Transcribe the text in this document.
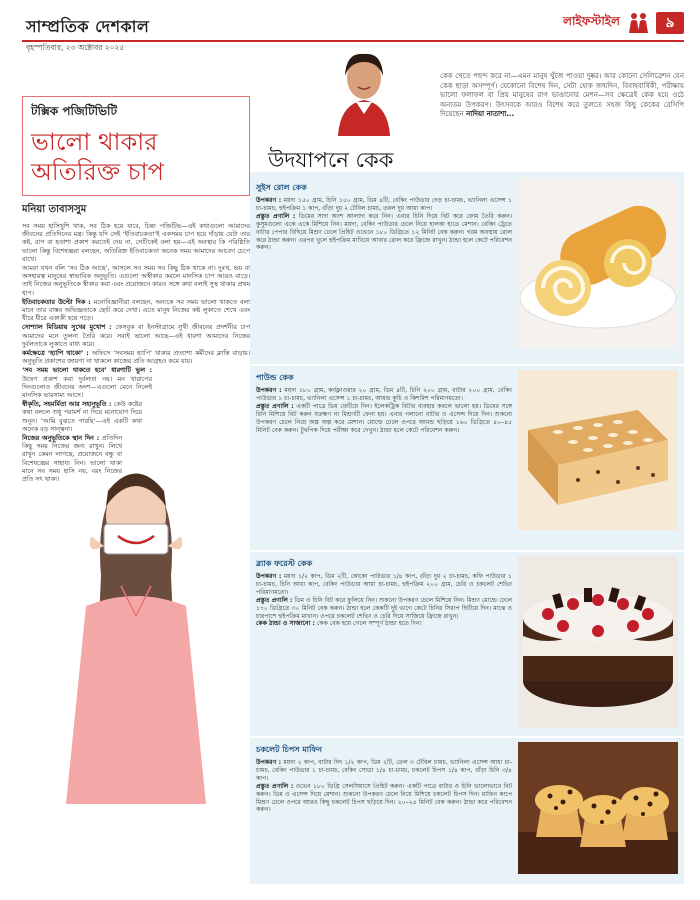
সাম্প্রতিক দেশকাল
বৃহস্পতিবার, ২৩ অক্টোবর ২০২৫
লাইফস্টাইল	৯
টক্সিক পজিটিভিটি
ভালো থাকার অতিরিক্ত চাপ
মনিয়া তাবাসসুম

সব সময় হাসিখুশি থাক, সব ঠিক হয়ে যাবে, চিন্তা পজিটিভ—এই কথাগুলো আমাদের জীবনের প্রতিদিনের মন্ত্র। কিন্তু যদি সেই ‘ইতিবাচকতা’ই একসময় চাপ হয়ে দাঁড়ায় যেটা তার কষ্ট, রাগ বা হতাশা প্রকাশ করতেই দেয় না, সেটিকেই বলা হয়—এই অবস্থার কি পরিষ্ঠিতি ভালো কিন্তু বিশেষজ্ঞরা বলছেন, অতিরিক্ত ইতিবাচকতা অনেক সময় আমাদের আবেগ চেপে রাখে।

আমরা যখন বলি ‘সব ঠিক আছে’, আসলে সব সময় সব কিছু ঠিক থাকে না। দুঃখ, ভয় বা অসহায়ত্ব মানুষের স্বাভাবিক অনুভূতি। এগুলো অস্বীকার করলে মানসিক চাপ আরও বাড়ে। তাই নিজের অনুভূতিকে স্বীকার করা এবং প্রয়োজনে কারও সঙ্গে কথা বলাই সুস্থ থাকার প্রথম ধাপ।

ইতিবাচকতার উল্টো দিক : মনোবিজ্ঞানীরা বলছেন, অন্যকে সব সময় ভালো থাকতে বলা মানে তার বাস্তব অভিজ্ঞতাকে ছোট করে দেখা। এতে মানুষ নিজের কষ্ট লুকাতে শেখে এবং ধীরে ধীরে একাকী হয়ে পড়ে।

সোশ্যাল মিডিয়ায় সুখের মুখোশ : ফেসবুক বা ইনস্টাগ্রামে সুখী জীবনের প্রদর্শনীর চাপ আমাদের মনে তুলনা তৈরি করে। সবাই ভালো আছে—এই ধারণা আমাদের নিজের দুর্বলতাকে লুকাতে বাধ্য করে।

কর্মক্ষেত্রে ‘হ্যাপি থাকো’ : অফিসে ‘সবসময় হ্যাপি’ থাকার প্রত্যাশা কর্মীদের ক্লান্তি বাড়ায়। অনুভূতি প্রকাশের জায়গা না থাকলে কাজের প্রতি আগ্রহও কমে যায়।

‘সব সময় ভালো থাকতে হবে’ ধারণাটি ভুল : উদ্বেগ প্রকাশ করা দুর্বলতা নয়। মন খারাপের দিনগুলোও জীবনের অংশ—এগুলো মেনে নিলেই মানসিক ভারসাম্য আসে।

স্বীকৃতি, সহমর্মিতা আর সহানুভূতি : কেউ কষ্টের কথা বললে শুধু পরামর্শ না দিয়ে মনোযোগ দিয়ে শুনুন। ‘আমি বুঝতে পারছি’—এই একটি কথা অনেক বড় সান্ত্বনা।

নিজের অনুভূতিকে স্থান দিন : প্রতিদিন কিছু সময় নিজের জন্য রাখুন। লিখে রাখুন কেমন লাগছে, প্রয়োজনে বন্ধু বা বিশেষজ্ঞের সাহায্য নিন। ভালো থাকা মানে সব সময় হাসি নয়, বরং নিজের প্রতি সৎ থাকা।

উদযাপনে কেক
কেক খেতে পছন্দ করে না—এমন মানুষ খুঁজে পাওয়া দুষ্কর। আর কোনো সেলিব্রেশন যেন কেক ছাড়া অসম্পূর্ণ। যেকোনো বিশেষ দিন, সেটা হোক জন্মদিন, বিবাহবার্ষিকী, পরীক্ষায় ভালো ফলাফল বা প্রিয় মানুষের রাগ ভাঙানোর মেশন—সব ক্ষেত্রেই কেক হয়ে ওঠে অন্যতম উপকরণ। উৎসবকে আরও বিশেষ করে তুলতে সহজ কিছু কেকের রেসিপি দিয়েছেন নাদিয়া নাতাশা...
সুইস রোল কেক
উপকরণ : ময়দা ১৫০ গ্রাম, চিনি ১৫০ গ্রাম, ডিম ৪টি, বেকিং পাউডার দেড় চা-চামচ, ভ্যানিলা এসেন্স ১ চা-চামচ, হুইপক্রিম ১ কাপ, গুঁড়া দুধ ২ টেবিল চামচ, তরল দুধ আধা কাপ।
প্রস্তুত প্রণালি : ডিমের সাদা অংশ আলাদা করে নিন। এবার চিনি দিয়ে বিট করে ফোম তৈরি করুন। কুসুমগুলো একে একে মিশিয়ে নিন। ময়দা, বেকিং পাউডার চেলে নিয়ে হালকা হাতে মেশান। বেকিং ট্রেতে বাটার পেপার বিছিয়ে মিশ্রণ ঢেলে প্রিহিট ওভেনে ১৮০ ডিগ্রিতে ১২ মিনিট বেক করুন। গরম অবস্থায় রোল করে ঠান্ডা করুন। এরপর খুলে হুইপক্রিম মাখিয়ে আবার রোল করে ফ্রিজে রাখুন। ঠান্ডা হলে কেটে পরিবেশন করুন।
পাউন্ড কেক
উপকরণ : ময়দা ১৮০ গ্রাম, কর্নফ্লাওয়ার ২০ গ্রাম, ডিম ৪টি, চিনি ২০০ গ্রাম, বাটার ২০০ গ্রাম, বেকিং পাউডার ১ চা-চামচ, ভ্যানিলা এসেন্স ১ চা-চামচ, আমন্ড কুচি ও কিশমিশ পরিমাণমতো।
প্রস্তুত প্রণালি : একটি পাত্রে ডিম ফেটিয়ে নিন। ইলেকট্রিক বিটার ব্যবহার করলে ভালো হয়। ডিমের সঙ্গে চিনি মিশিয়ে বিট করুন যতক্ষণ না মিশ্রণটি ফেনা হয়। এবার গলানো বাটার ও এসেন্স দিয়ে দিন। শুকনো উপকরণ চেলে নিয়ে অল্প অল্প করে মেশান। মোল্ডে ঢেলে ওপরে আমন্ড ছড়িয়ে ১৬০ ডিগ্রিতে ৪০–৪৫ মিনিট বেক করুন। টুথপিক দিয়ে পরীক্ষা করে দেখুন। ঠান্ডা হলে কেটে পরিবেশন করুন।
ব্ল্যাক ফরেস্ট কেক
উপকরণ : ময়দা ১/২ কাপ, ডিম ২টি, কোকো পাউডার ১/৪ কাপ, গুঁড়া দুধ ২ চা-চামচ, কফি পাউডার ১ চা-চামচ, চিনি আধা কাপ, বেকিং পাউডার আধা চা-চামচ, হুইপক্রিম ২০০ গ্রাম, চেরি ও চকলেট শেভিং পরিমাণমতো।
প্রস্তুত প্রণালি : ডিম ও চিনি বিট করে ফুলিয়ে নিন। শুকনো উপকরণ চেলে মিশিয়ে নিন। মিশ্রণ মোল্ডে ঢেলে ১৭০ ডিগ্রিতে ৩০ মিনিট বেক করুন। ঠান্ডা হলে কেকটি দুই ভাগে কেটে চিনির সিরাপ ছিটিয়ে দিন। মাঝে ও চারপাশে হুইপক্রিম মাখান। ওপরে চকলেট শেভিং ও চেরি দিয়ে সাজিয়ে ফ্রিজে রাখুন।
কেক ঠান্ডা ও সাজানো : কেক বেক হয়ে গেলে সম্পূর্ণ ঠান্ডা হতে দিন।
চকলেট চিপস মাফিন
উপকরণ : ময়দা ২ কাপ, বাটার দিদ ১/২ কাপ, ডিম ২টি, তেল ৩ টেবিল চামচ, ভ্যানিলা এসেন্স আধা চা-চামচ, বেকিং পাউডার ১ চা-চামচ, বেকিং সোডা ১/৪ চা-চামচ, চকলেট চিপস ১/৪ কাপ, গুঁড়া চিনি ৩/৪ কাপ।
প্রস্তুত প্রণালি : ওভেন ১৮০ ডিগ্রি সেলসিয়াসে প্রিহিট করুন। একটি পাত্রে বাটার ও চিনি ভালোভাবে বিট করুন। ডিম ও এসেন্স দিয়ে মেশান। শুকনো উপকরণ চেলে নিয়ে মিশিয়ে চকলেট চিপস দিন। মাফিন কাপে মিশ্রণ ঢেলে ওপরে আরও কিছু চকলেট চিপস ছড়িয়ে দিন। ২০–২৫ মিনিট বেক করুন। ঠান্ডা করে পরিবেশন করুন।
